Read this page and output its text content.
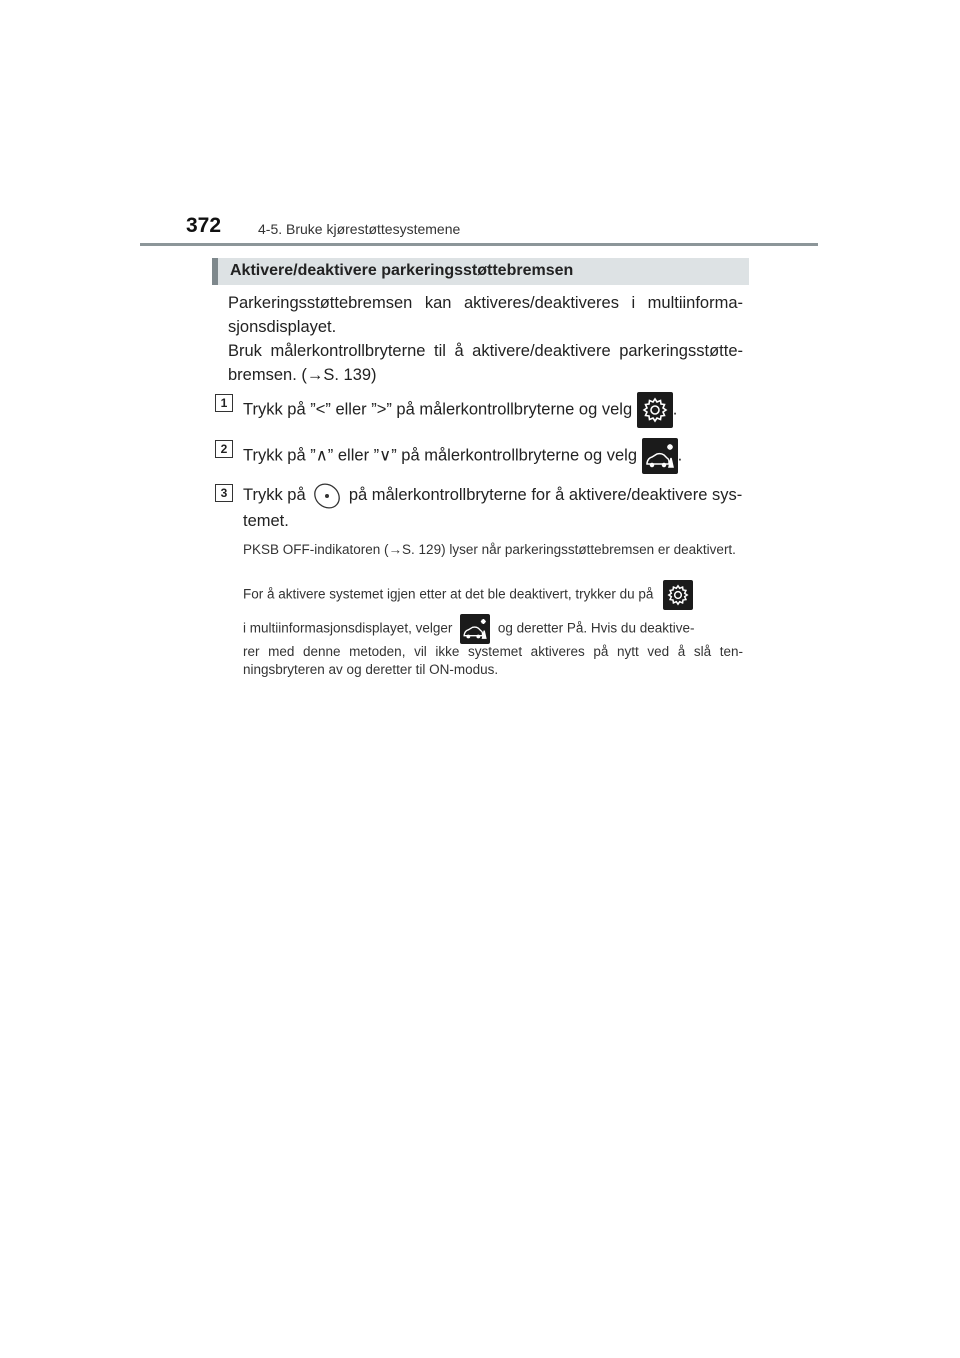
372	4-5. Bruke kjørestøttesystemene
Aktivere/deaktivere parkeringsstøttebremsen

Parkeringsstøttebremsen kan aktiveres/deaktiveres i multiinforma-

sjonsdisplayet.

Bruk målerkontrollbryterne til å aktivere/deaktivere parkeringsstøtte-

bremsen. (→S. 139)

1 Trykk på ”<” eller ”>” på målerkontrollbryterne og velg
.
2 Trykk på ”∧” eller ”∨” på målerkontrollbryterne og velg
.
3 Trykk på  på målerkontrollbryterne for å aktivere/deaktivere sys-
temet.
PKSB OFF-indikatoren (→S. 129) lyser når parkeringsstøttebremsen er deaktivert.
For å aktivere systemet igjen etter at det ble deaktivert, trykker du på
i multiinformasjonsdisplayet, velger	og deretter På. Hvis du deaktive-
rer med denne metoden, vil ikke systemet aktiveres på nytt ved å slå ten-
ningsbryteren av og deretter til ON-modus.
